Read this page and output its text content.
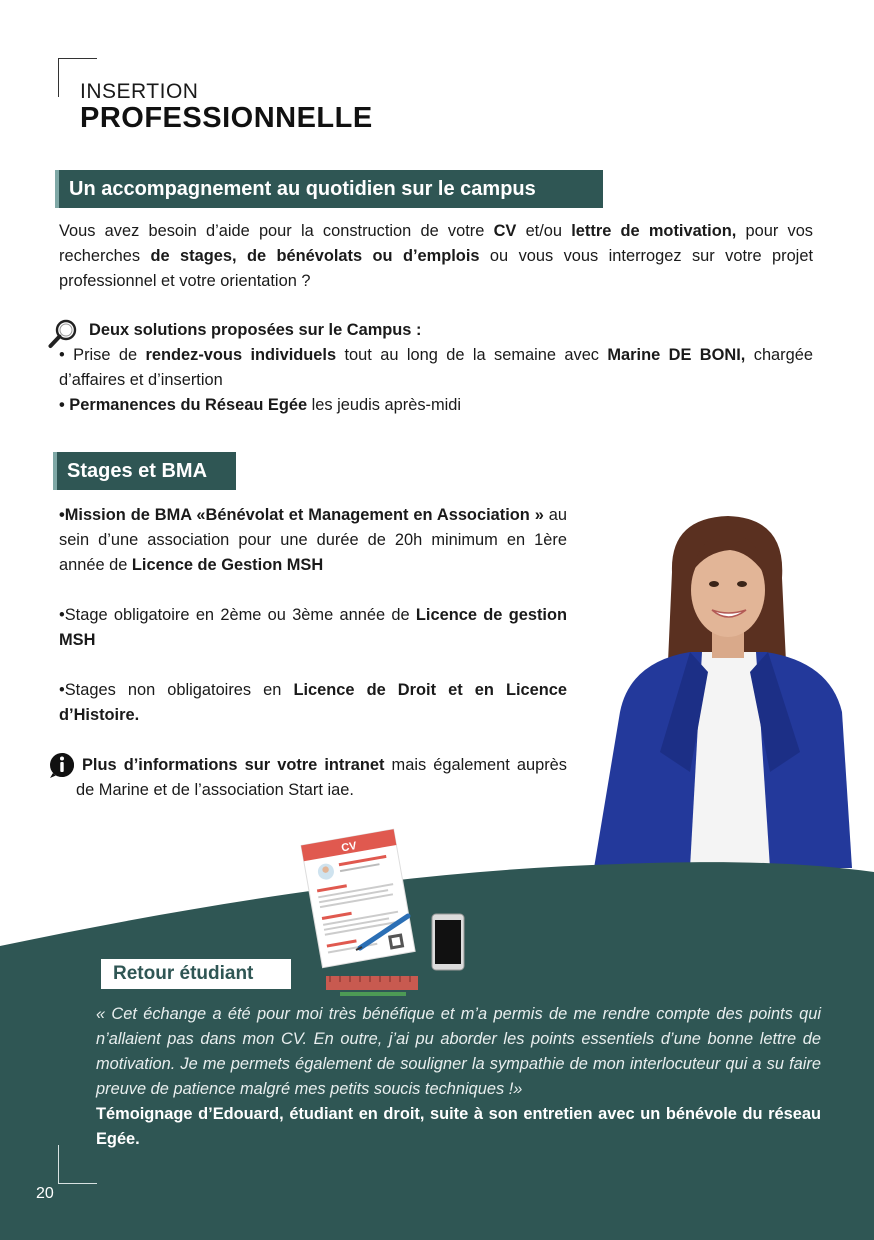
INSERTION
PROFESSIONNELLE
Un accompagnement au quotidien sur le campus
Vous avez besoin d’aide pour la construction de votre CV et/ou lettre de motivation, pour vos recherches de stages, de bénévolats ou d’emplois ou vous vous interrogez sur votre projet professionnel et votre orientation ?
Deux solutions proposées sur le Campus :
• Prise de rendez-vous individuels tout au long de la semaine avec Marine DE BONI, chargée d’affaires et d’insertion
• Permanences du Réseau Egée les jeudis après-midi
Stages et BMA

•Mission de BMA «Bénévolat et Management en Association » au sein d’une association pour une durée de 20h minimum en 1ère année de Licence de Gestion MSH

•Stage obligatoire en 2ème ou 3ème année de Licence de gestion MSH

•Stages non obligatoires en Licence de Droit et en Licence d’Histoire.

Plus d’informations sur votre intranet mais également auprès de Marine et de l’association Start iae.
CV
Retour étudiant
« Cet échange a été pour moi très bénéfique et m’a permis de me rendre compte des points qui n’allaient pas dans mon CV. En outre, j’ai pu aborder les points essentiels d’une bonne lettre de motivation. Je me permets également de souligner la sympathie de mon interlocuteur qui a su faire preuve de patience malgré mes petits soucis techniques !»
Témoignage d’Edouard, étudiant en droit, suite à son entretien avec un bénévole du réseau Egée.
20
